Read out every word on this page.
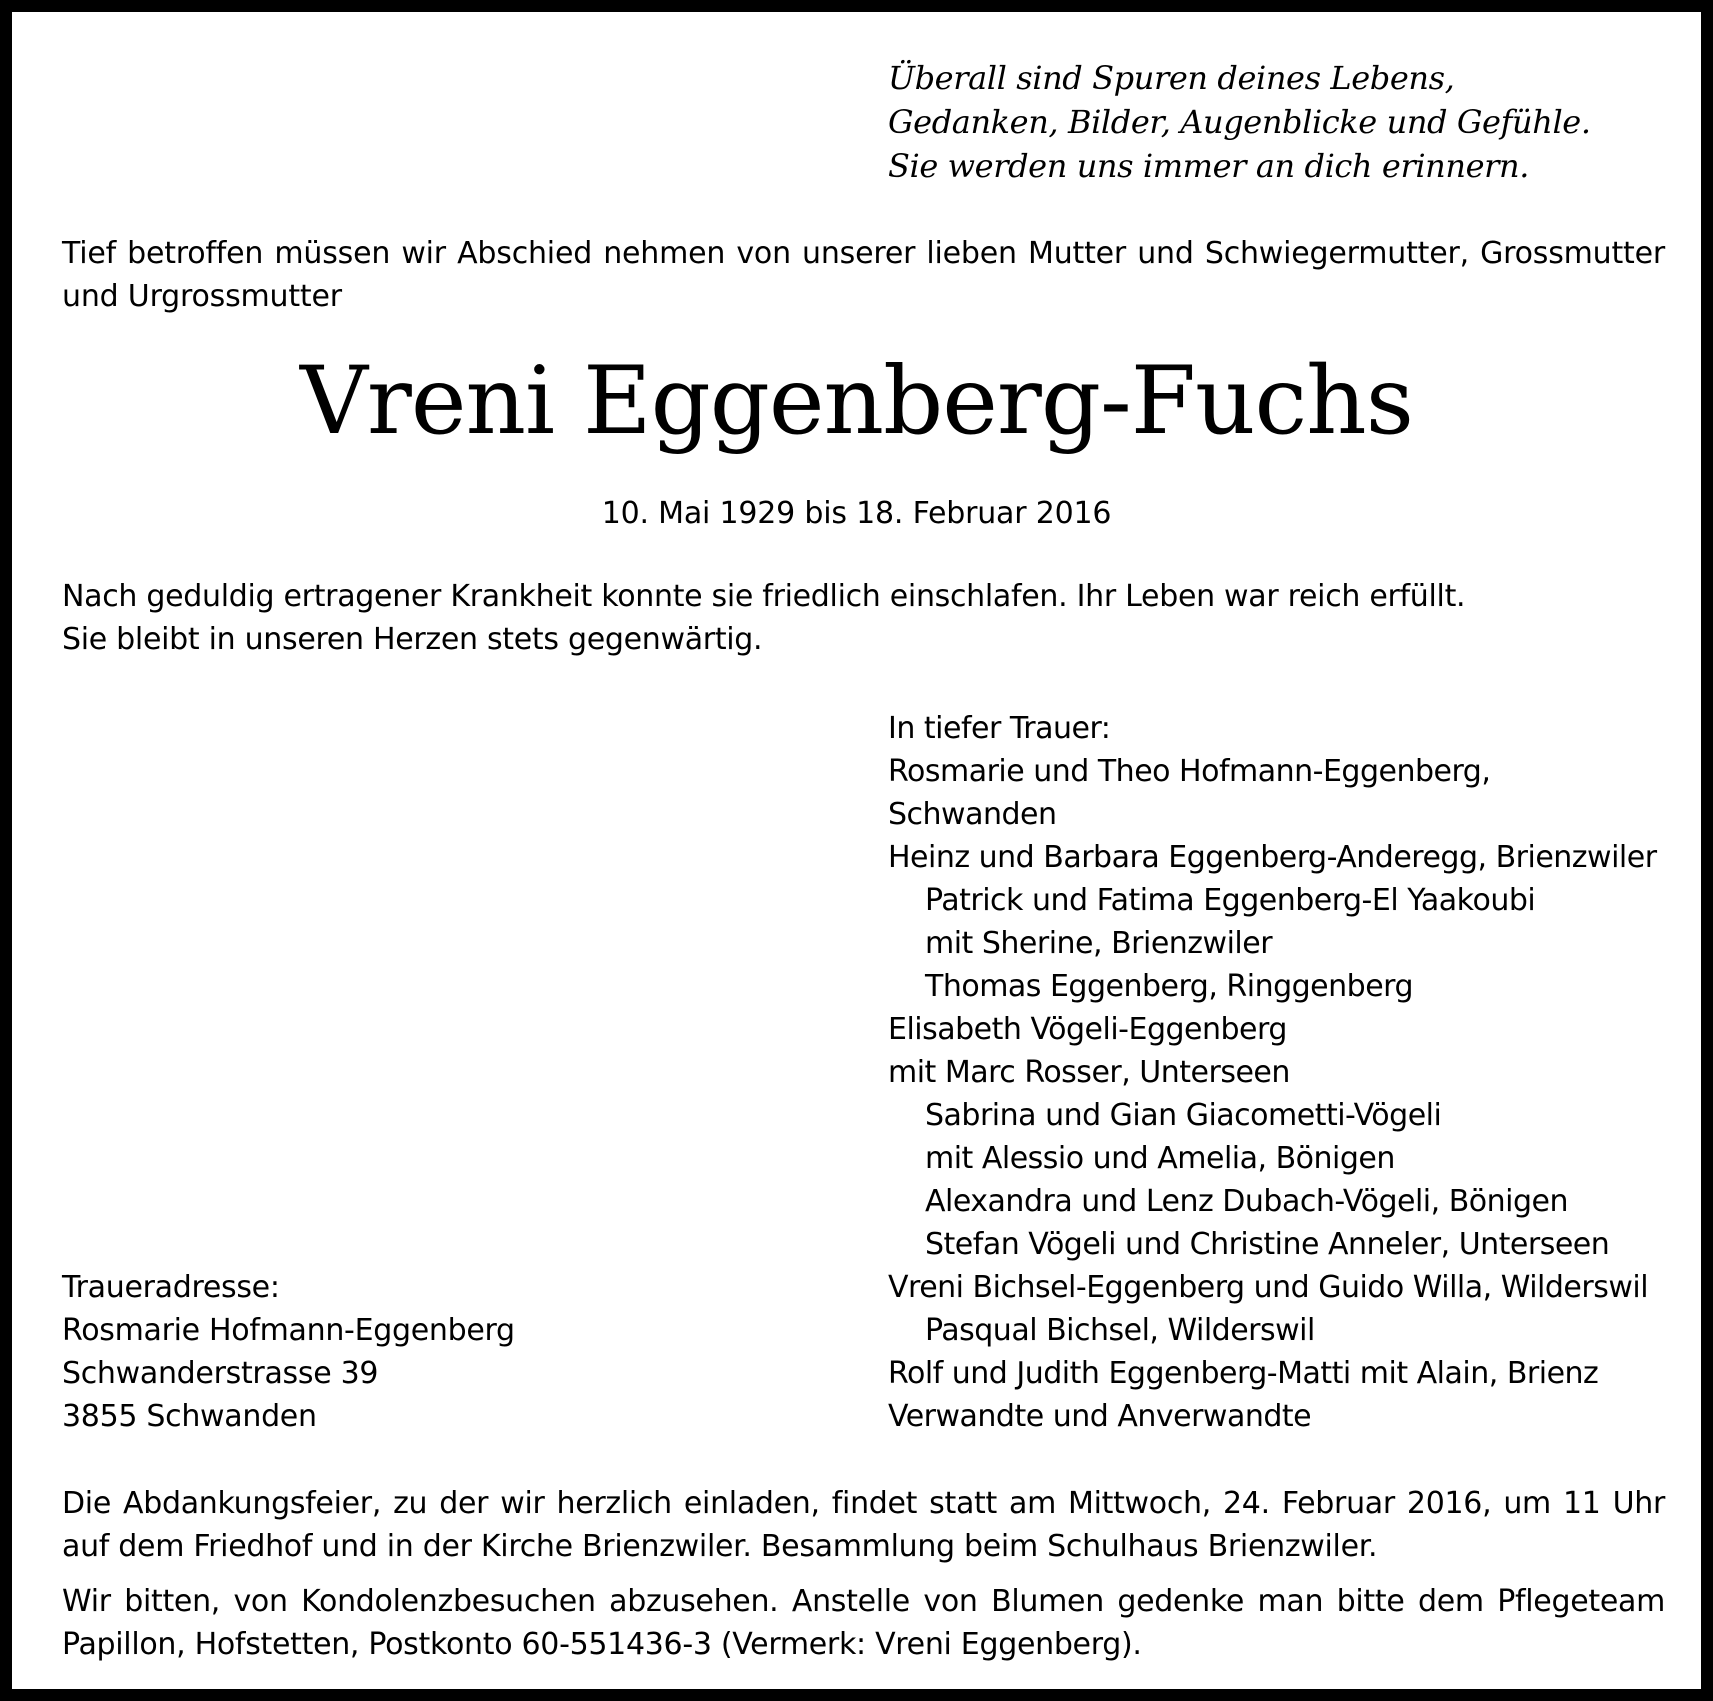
Überall sind Spuren deines Lebens,
Gedanken, Bilder, Augenblicke und Gefühle.
Sie werden uns immer an dich erinnern.
Tief betroffen müssen wir Abschied nehmen von unserer lieben Mutter und Schwiegermutter, Grossmutter und Urgrossmutter
Vreni Eggenberg-Fuchs
10. Mai 1929 bis 18. Februar 2016
Nach geduldig ertragener Krankheit konnte sie friedlich einschlafen. Ihr Leben war reich erfüllt.
Sie bleibt in unseren Herzen stets gegenwärtig.
In tiefer Trauer:
Rosmarie und Theo Hofmann-Eggenberg,
Schwanden
Heinz und Barbara Eggenberg-Anderegg, Brienzwiler
Patrick und Fatima Eggenberg-El Yaakoubi
mit Sherine, Brienzwiler
Thomas Eggenberg, Ringgenberg
Elisabeth Vögeli-Eggenberg
mit Marc Rosser, Unterseen
Sabrina und Gian Giacometti-Vögeli
mit Alessio und Amelia, Bönigen
Alexandra und Lenz Dubach-Vögeli, Bönigen
Stefan Vögeli und Christine Anneler, Unterseen
Vreni Bichsel-Eggenberg und Guido Willa, Wilderswil
Pasqual Bichsel, Wilderswil
Rolf und Judith Eggenberg-Matti mit Alain, Brienz
Verwandte und Anverwandte
Traueradresse:
Rosmarie Hofmann-Eggenberg
Schwanderstrasse 39
3855 Schwanden
Die Abdankungsfeier, zu der wir herzlich einladen, findet statt am Mittwoch, 24. Februar 2016, um 11 Uhr auf dem Friedhof und in der Kirche Brienzwiler. Besammlung beim Schulhaus Brienzwiler.
Wir bitten, von Kondolenzbesuchen abzusehen. Anstelle von Blumen gedenke man bitte dem Pflegeteam Papillon, Hofstetten, Postkonto 60-551436-3 (Vermerk: Vreni Eggenberg).
